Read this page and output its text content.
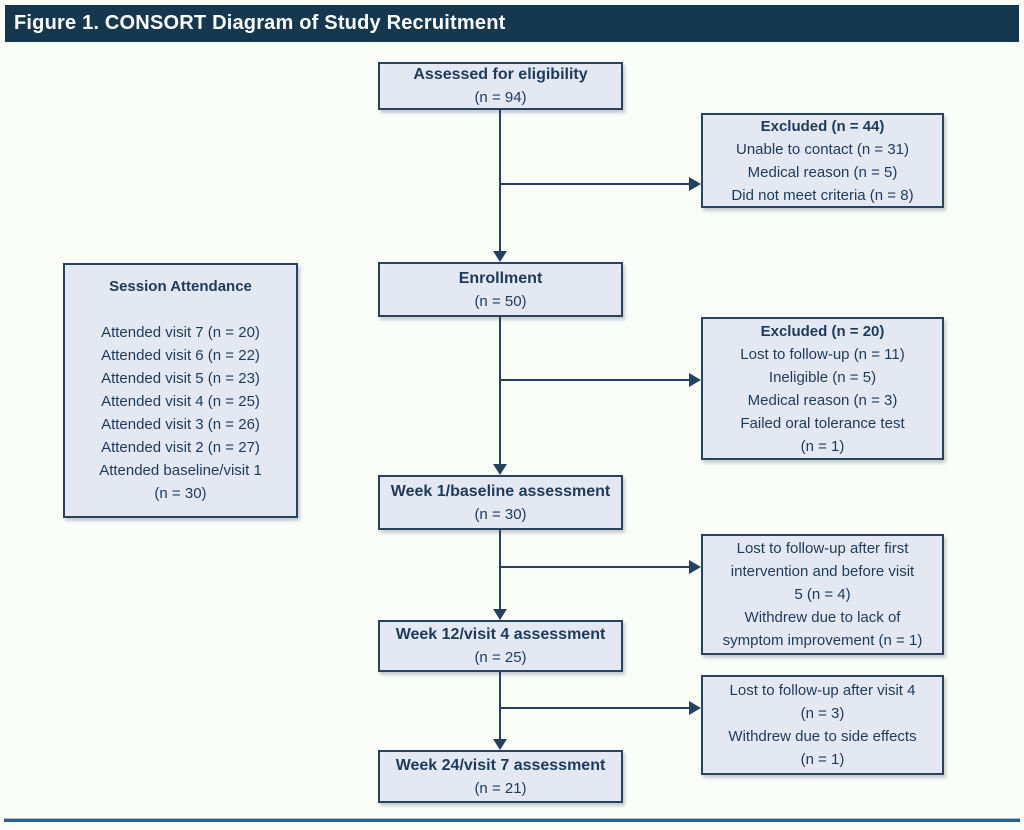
Figure 1. CONSORT Diagram of Study Recruitment
Assessed for eligibility
(n = 94)
Enrollment
(n = 50)
Week 1/baseline assessment
(n = 30)
Week 12/visit 4 assessment
(n = 25)
Week 24/visit 7 assessment
(n = 21)
Excluded (n = 44)
Unable to contact (n = 31)
Medical reason (n = 5)
Did not meet criteria (n = 8)
Excluded (n = 20)
Lost to follow-up (n = 11)
Ineligible (n = 5)
Medical reason (n = 3)
Failed oral tolerance test
(n = 1)
Lost to follow-up after first
intervention and before visit
5 (n = 4)
Withdrew due to lack of
symptom improvement (n = 1)
Lost to follow-up after visit 4
(n = 3)
Withdrew due to side effects
(n = 1)
Session Attendance
Attended visit 7 (n = 20)
Attended visit 6 (n = 22)
Attended visit 5 (n = 23)
Attended visit 4 (n = 25)
Attended visit 3 (n = 26)
Attended visit 2 (n = 27)
Attended baseline/visit 1
(n = 30)
